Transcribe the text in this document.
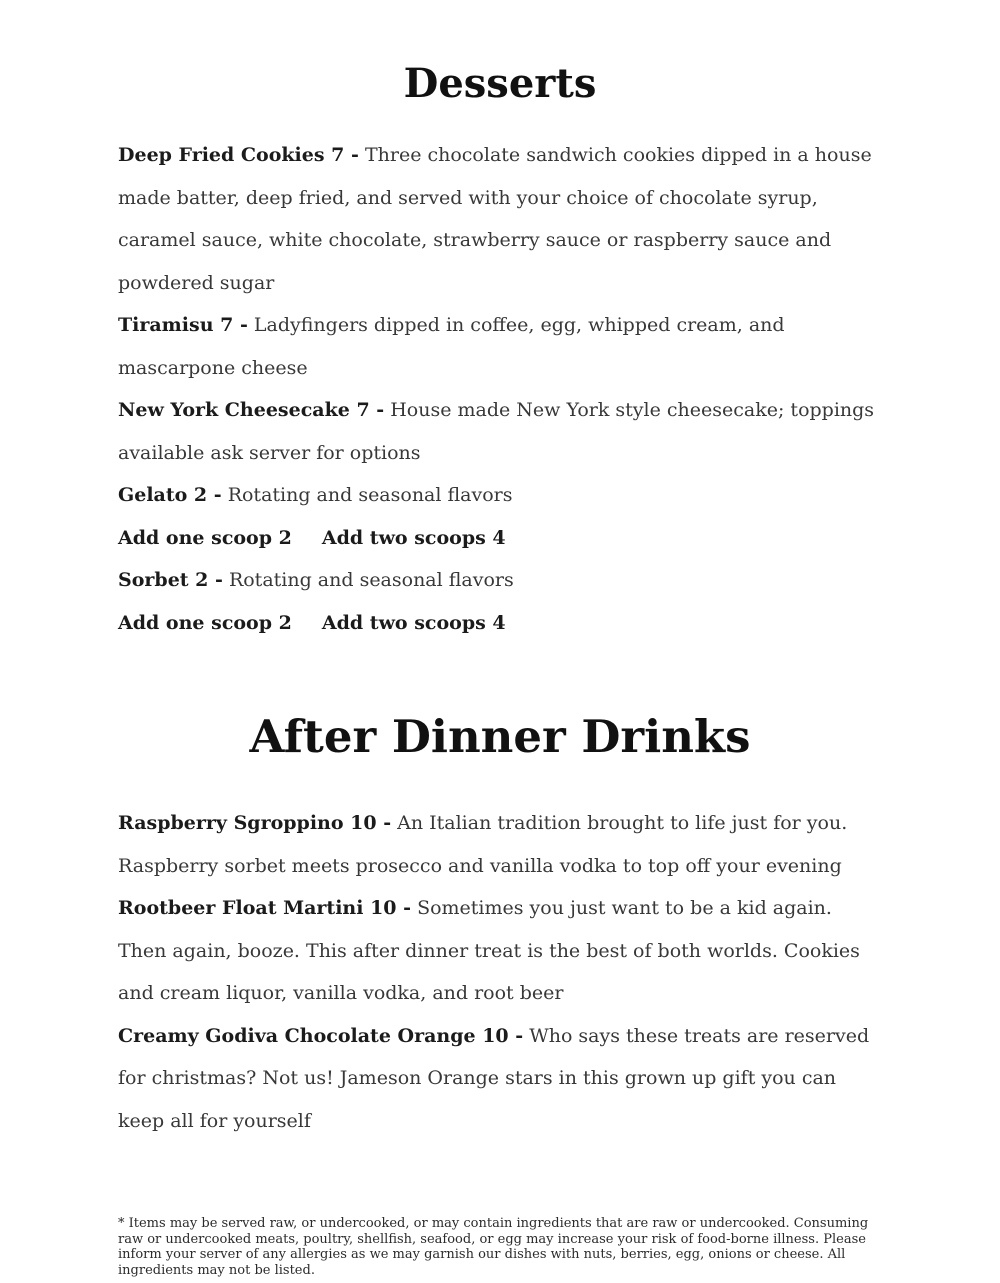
Desserts

Deep Fried Cookies 7 - Three chocolate sandwich cookies dipped in a house made batter, deep fried, and served with your choice of chocolate syrup, caramel sauce, white chocolate, strawberry sauce or raspberry sauce and powdered sugar

Tiramisu 7 - Ladyfingers dipped in coffee, egg, whipped cream, and mascarpone cheese

New York Cheesecake 7 - House made New York style cheesecake; toppings available ask server for options

Gelato 2 - Rotating and seasonal flavors

Add one scoop 2 Add two scoops 4

Sorbet 2 - Rotating and seasonal flavors

Add one scoop 2 Add two scoops 4

After Dinner Drinks

Raspberry Sgroppino 10 - An Italian tradition brought to life just for you. Raspberry sorbet meets prosecco and vanilla vodka to top off your evening

Rootbeer Float Martini 10 - Sometimes you just want to be a kid again. Then again, booze. This after dinner treat is the best of both worlds. Cookies and cream liquor, vanilla vodka, and root beer

Creamy Godiva Chocolate Orange 10 - Who says these treats are reserved for christmas? Not us! Jameson Orange stars in this grown up gift you can keep all for yourself

* Items may be served raw, or undercooked, or may contain ingredients that are raw or undercooked. Consuming raw or undercooked meats, poultry, shellfish, seafood, or egg may increase your risk of food-borne illness. Please inform your server of any allergies as we may garnish our dishes with nuts, berries, egg, onions or cheese. All ingredients may not be listed.
